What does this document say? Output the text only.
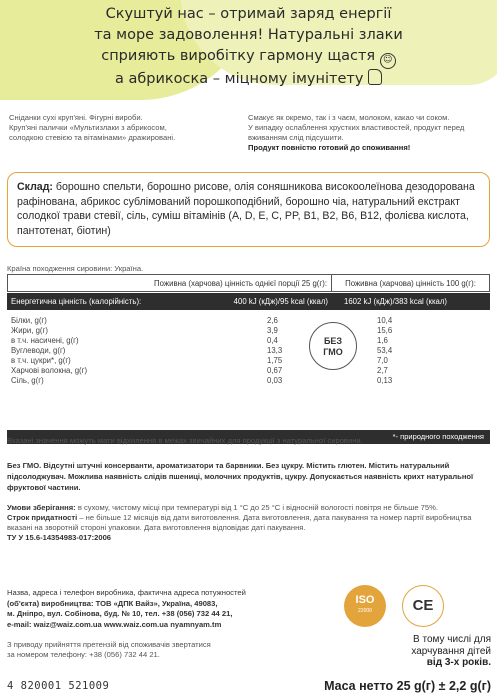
Скуштуй нас – отримай заряд енергії
та море задоволення! Натуральні злаки
сприяють виробітку гармону щастя ☺
а абрикоска – міцному імунітету
Сніданки сухі круп'яні. Фігурні вироби.
Круп'яні палички «Мультизлаки з абрикосом,
солодкою стевією та вітамінами» дражировані.
Смакує як окремо, так і з чаєм, молоком, какао чи соком.
У випадку ослаблення хрустких властивостей, продукт перед
вживанням слід підсушити.
Продукт повністю готовий до споживання!
Склад: борошно спельти, борошно рисове, олія соняшникова високоолеїнова дезодорована рафінована, абрикос сублімований порошкоподібний, борошно чіа, натуральний екстракт солодкої трави стевії, сіль, суміш вітамінів (А, D, E, C, PP, B1, B2, B6, B12, фолієва кислота, пантотенат, біотин)
Країна походження сировини: Україна.
Поживна (харчова) цінність однієї порції 25 g(г):	Поживна (харчова) цінність 100 g(г):
Енергетична цінність (калорійність):	400 kJ (кДж)/95 kcal (ккал)	1602 kJ (кДж)/383 kcal (ккал)
Білки, g(г)	2,6	10,4
Жири, g(г)	3,9	15,6
в т.ч. насичені, g(г)	0,4	1,6
Вуглеводи, g(г)	13,3	53,4
в т.ч. цукри*, g(г)	1,75	7,0
Харчові волокна, g(г)	0,67	2,7
Сіль, g(г)	0,03	0,13
БЕЗ
ГМО
*- природного походження
Вказані значення можуть мати відхилення в межах звичайних для продукції з натуральної сировини.
Без ГМО. Відсутні штучні консерванти, ароматизатори та барвники. Без цукру. Містить глютен. Містить натуральний підсолоджувач. Можлива наявність слідів пшениці, молочних продуктів, цукру. Допускається наявність крихт натуральної фруктової частини.
Умови зберігання: в сухому, чистому місці при температурі від 1 °С до 25 °С і відносній вологості повітря не більше 75%.
Строк придатності – не більше 12 місяців від дати виготовлення. Дата виготовлення, дата пакування та номер партії виробництва вказані на зворотній стороні упаковки. Дата виготовлення відповідає даті пакування.
ТУ У 15.6-14354983-017:2006
Назва, адреса і телефон виробника, фактична адреса потужностей
(об'єкта) виробництва: ТОВ «ДПК Вайз», Україна, 49083,
м. Дніпро, вул. Собінова, буд. № 10, тел. +38 (056) 732 44 21,
e-mail: waiz@waiz.com.ua www.waiz.com.ua nyamnyam.tm
ISO
22000	CE
З приводу прийняття претензій від споживачів звертатися
за номером телефону: +38 (056) 732 44 21.
В тому числі для
харчування дітей
від 3-х років.
4 820001 521009	Маса нетто 25 g(г) ± 2,2 g(г)
